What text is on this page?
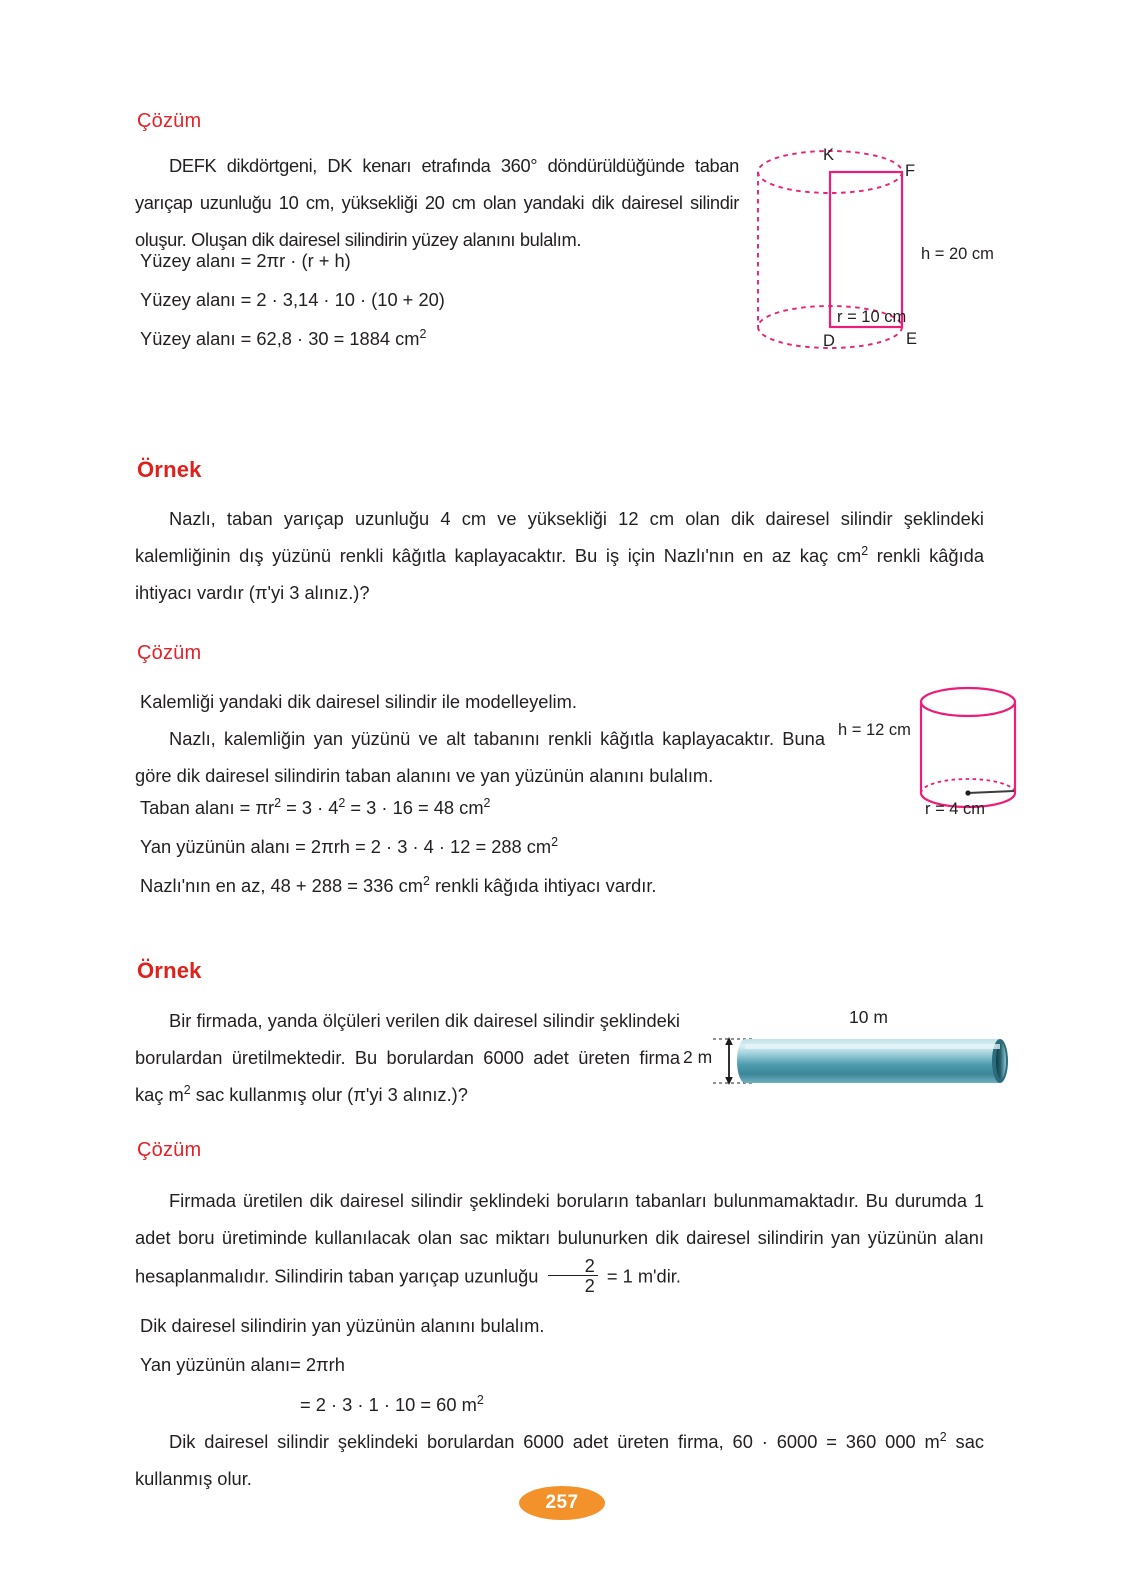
Çözüm
DEFK dikdörtgeni, DK kenarı etrafında 360° döndürüldüğünde taban yarıçap uzunluğu 10 cm, yüksekliği 20 cm olan yandaki dik dairesel silindir oluşur. Oluşan dik dairesel silindirin yüzey alanını bulalım.
Yüzey alanı = 2πr · (r + h)
Yüzey alanı = 2 · 3,14 · 10 · (10 + 20)
Yüzey alanı = 62,8 · 30 = 1884 $cm^2$
K
F
D	E
h = 20 cm
r = 10 cm
Örnek
Nazlı, taban yarıçap uzunluğu 4 cm ve yüksekliği 12 cm olan dik dairesel silindir şeklindeki kalemliğinin dış yüzünü renkli kâğıtla kaplayacaktır. Bu iş için Nazlı'nın en az kaç $cm^2$ renkli kâğıda ihtiyacı vardır (π'yi 3 alınız.)?
Çözüm
Kalemliği yandaki dik dairesel silindir ile modelleyelim.
Nazlı, kalemliğin yan yüzünü ve alt tabanını renkli kâğıtla kaplayacaktır. Buna göre dik dairesel silindirin taban alanını ve yan yüzünün alanını bulalım.
Taban alanı = $\pi r^2 = 3 \cdot 4^2 = 3 \cdot 16 = 48$ $cm^2$
Yan yüzünün alanı = 2πrh = 2 · 3 · 4 · 12 = 288 $cm^2$
Nazlı'nın en az, 48 + 288 = 336 $cm^2$ renkli kâğıda ihtiyacı vardır.
h = 12 cm
r = 4 cm
Örnek
Bir firmada, yanda ölçüleri verilen dik dairesel silindir şeklindeki borulardan üretilmektedir. Bu borulardan 6000 adet üreten firma kaç $m^2$ sac kullanmış olur (π'yi 3 alınız.)?
10 m
2 m
Çözüm
Firmada üretilen dik dairesel silindir şeklindeki boruların tabanları bulunmamaktadır. Bu durumda 1 adet boru üretiminde kullanılacak olan sac miktarı bulunurken dik dairesel silindirin yan yüzünün alanı hesaplanmalıdır. Silindirin taban yarıçap uzunluğu $\frac{2}{2} = 1$ m'dir.
Dik dairesel silindirin yan yüzünün alanını bulalım.
Yan yüzünün alanı= 2πrh
= 2 · 3 · 1 · 10 = 60 $m^2$
Dik dairesel silindir şeklindeki borulardan 6000 adet üreten firma, 60 · 6000 = 360 000 $m^2$ sac kullanmış olur.
257
